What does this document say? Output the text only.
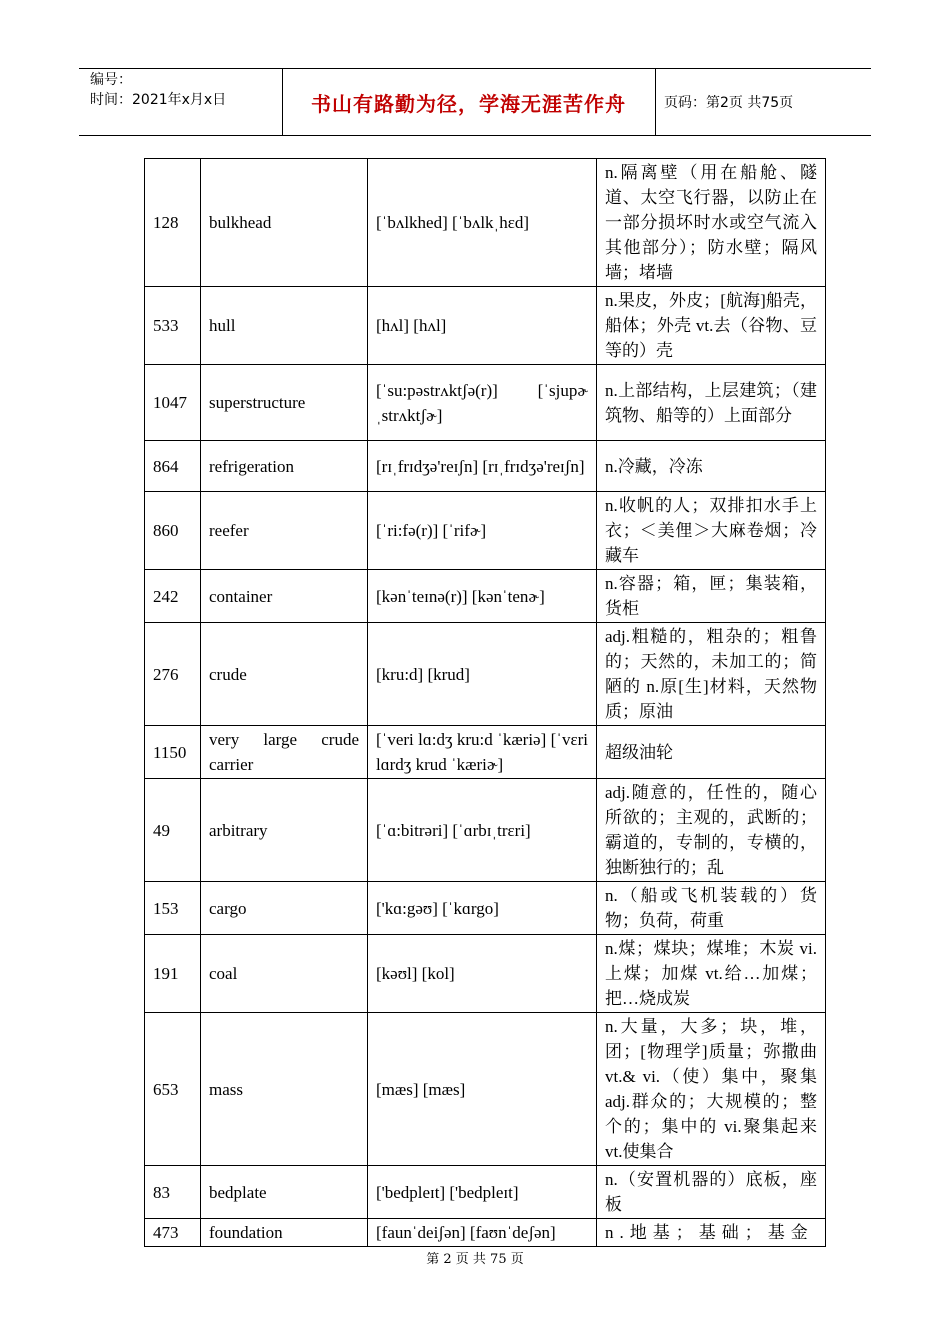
编号：
时间：2021年x月x日	书山有路勤为径，学海无涯苦作舟	页码：第2页 共75页
128	bulkhead	[ˈbʌlkhed] [ˈbʌlkˌhɛd]	n.隔离壁（用在船舱、隧道、太空飞行器，以防止在一部分损坏时水或空气流入其他部分）；防水壁；隔风墙；堵墙
533	hull	[hʌl] [hʌl]	n.果皮，外皮；[航海]船壳，船体；外壳 vt.去（谷物、豆等的）壳
1047	superstructure	[ˈsu:pəstrʌktʃə(r)] [ˈsjupɚˌstrʌktʃɚ]	n.上部结构，上层建筑；（建筑物、船等的）上面部分
864	refrigeration	[rɪˌfrɪdʒə'reɪʃn] [rɪˌfrɪdʒə'reɪʃn]	n.冷藏，冷冻
860	reefer	[ˈri:fə(r)] [ˈrifɚ]	n.收帆的人；双排扣水手上衣；＜美俚＞大麻卷烟；冷藏车
242	container	[kənˈteɪnə(r)] [kənˈtenɚ]	n.容器；箱，匣；集装箱，货柜
276	crude	[kru:d] [krud]	adj.粗糙的，粗杂的；粗鲁的；天然的，未加工的；简陋的 n.原[生]材料，天然物质；原油
1150	very large crude carrier	[ˈveri lɑ:dʒ kru:d ˈkæriə] [ˈvɛri lɑrdʒ krud ˈkæriɚ]	超级油轮
49	arbitrary	[ˈɑ:bitrəri] [ˈɑrbɪˌtrɛri]	adj.随意的，任性的，随心所欲的；主观的，武断的；霸道的，专制的，专横的，独断独行的；乱
153	cargo	['kɑ:gəʊ] [ˈkɑrgo]	n.（船或飞机装载的）货物；负荷，荷重
191	coal	[kəʊl] [kol]	n.煤；煤块；煤堆；木炭 vi.上煤；加煤 vt.给…加煤；把…烧成炭
653	mass	[mæs] [mæs]	n.大量，大多；块，堆，团；[物理学]质量；弥撒曲 vt.& vi.（使）集中，聚集 adj.群众的；大规模的；整个的；集中的 vi.聚集起来 vt.使集合
83	bedplate	['bedpleɪt] ['bedpleɪt]	n.（安置机器的）底板，座板
473	foundation	[faunˈdeiʃən] [faʊnˈdeʃən]	n.地基；基础；基金
第 2 页 共 75 页
